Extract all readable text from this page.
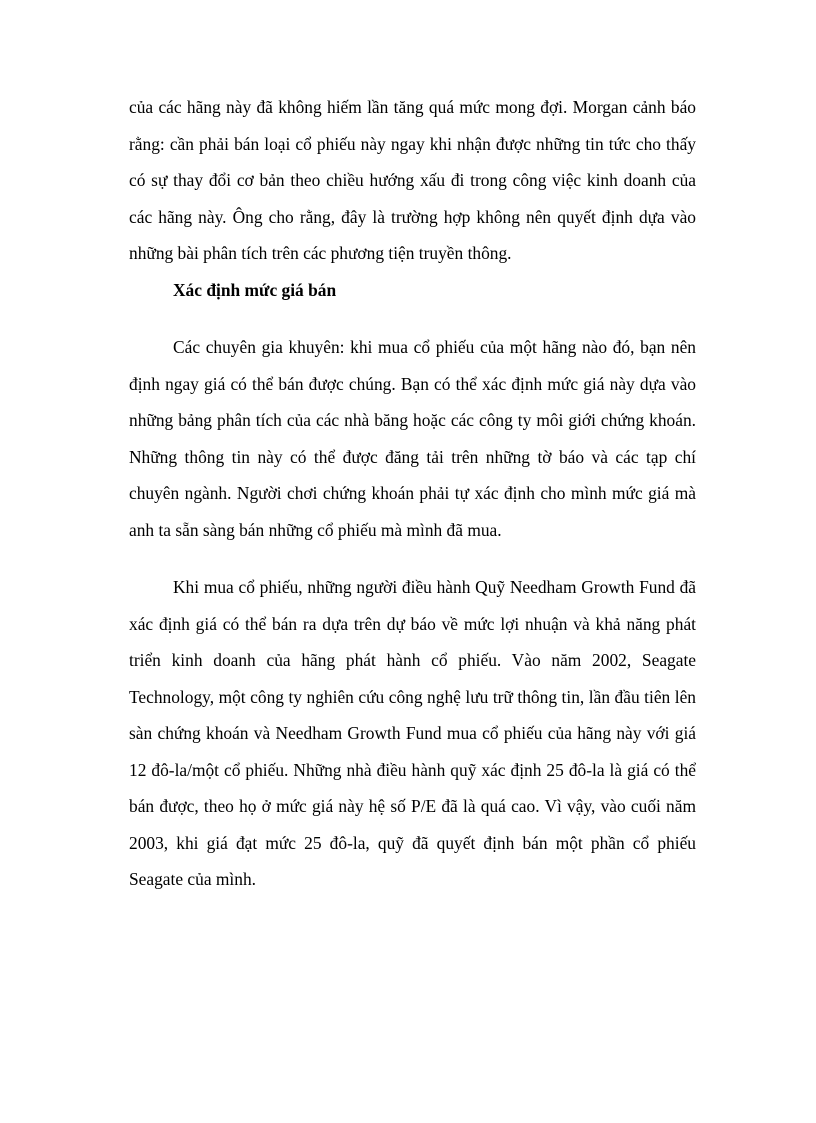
của các hãng này đã không hiếm lần tăng quá mức mong đợi. Morgan cảnh báo rằng: cần phải bán loại cổ phiếu này ngay khi nhận được những tin tức cho thấy có sự thay đổi cơ bản theo chiều hướng xấu đi trong công việc kinh doanh của các hãng này. Ông cho rằng, đây là trường hợp không nên quyết định dựa vào những bài phân tích trên các phương tiện truyền thông.

Xác định mức giá bán

Các chuyên gia khuyên: khi mua cổ phiếu của một hãng nào đó, bạn nên định ngay giá có thể bán được chúng. Bạn có thể xác định mức giá này dựa vào những bảng phân tích của các nhà băng hoặc các công ty môi giới chứng khoán. Những thông tin này có thể được đăng tải trên những tờ báo và các tạp chí chuyên ngành. Người chơi chứng khoán phải tự xác định cho mình mức giá mà anh ta sẵn sàng bán những cổ phiếu mà mình đã mua.

Khi mua cổ phiếu, những người điều hành Quỹ Needham Growth Fund đã xác định giá có thể bán ra dựa trên dự báo về mức lợi nhuận và khả năng phát triển kinh doanh của hãng phát hành cổ phiếu. Vào năm 2002, Seagate Technology, một công ty nghiên cứu công nghệ lưu trữ thông tin, lần đầu tiên lên sàn chứng khoán và Needham Growth Fund mua cổ phiếu của hãng này với giá 12 đô-la/một cổ phiếu. Những nhà điều hành quỹ xác định 25 đô-la là giá có thể bán được, theo họ ở mức giá này hệ số P/E đã là quá cao. Vì vậy, vào cuối năm 2003, khi giá đạt mức 25 đô-la, quỹ đã quyết định bán một phần cổ phiếu Seagate của mình.
